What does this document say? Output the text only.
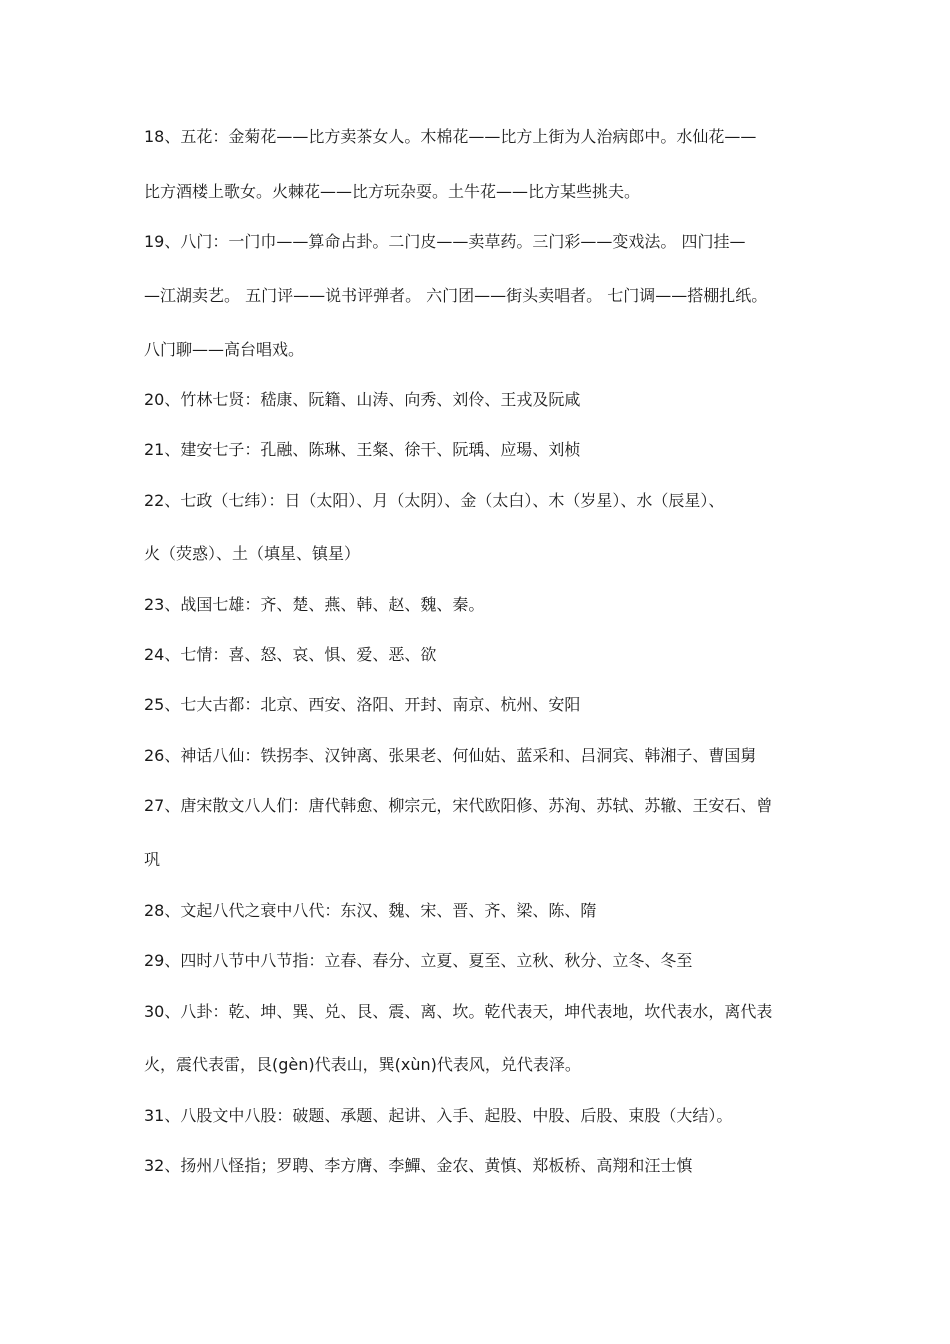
18、五花：金菊花——比方卖茶女人。木棉花——比方上街为人治病郎中。水仙花——
比方酒楼上歌女。火棘花——比方玩杂耍。土牛花——比方某些挑夫。
19、八门：一门巾——算命占卦。二门皮——卖草药。三门彩——变戏法。 四门挂—
—江湖卖艺。 五门评——说书评弹者。 六门团——街头卖唱者。 七门调——搭棚扎纸。
八门聊——高台唱戏。
20、竹林七贤：嵇康、阮籍、山涛、向秀、刘伶、王戎及阮咸
21、建安七子：孔融、陈琳、王粲、徐干、阮瑀、应瑒、刘桢
22、七政（七纬）：日（太阳）、月（太阴）、金（太白）、木（岁星）、水（辰星）、
火（荧惑）、土（填星、镇星）
23、战国七雄：齐、楚、燕、韩、赵、魏、秦。
24、七情：喜、怒、哀、惧、爱、恶、欲
25、七大古都：北京、西安、洛阳、开封、南京、杭州、安阳
26、神话八仙：铁拐李、汉钟离、张果老、何仙姑、蓝采和、吕洞宾、韩湘子、曹国舅
27、唐宋散文八人们：唐代韩愈、柳宗元，宋代欧阳修、苏洵、苏轼、苏辙、王安石、曾
巩
28、文起八代之衰中八代：东汉、魏、宋、晋、齐、梁、陈、隋
29、四时八节中八节指：立春、春分、立夏、夏至、立秋、秋分、立冬、冬至
30、八卦：乾、坤、巽、兑、艮、震、离、坎。乾代表天，坤代表地，坎代表水，离代表
火，震代表雷，艮(gèn)代表山，巽(xùn)代表风，兑代表泽。
31、八股文中八股：破题、承题、起讲、入手、起股、中股、后股、束股（大结）。
32、扬州八怪指；罗聘、李方膺、李鱓、金农、黄慎、郑板桥、高翔和汪士慎
